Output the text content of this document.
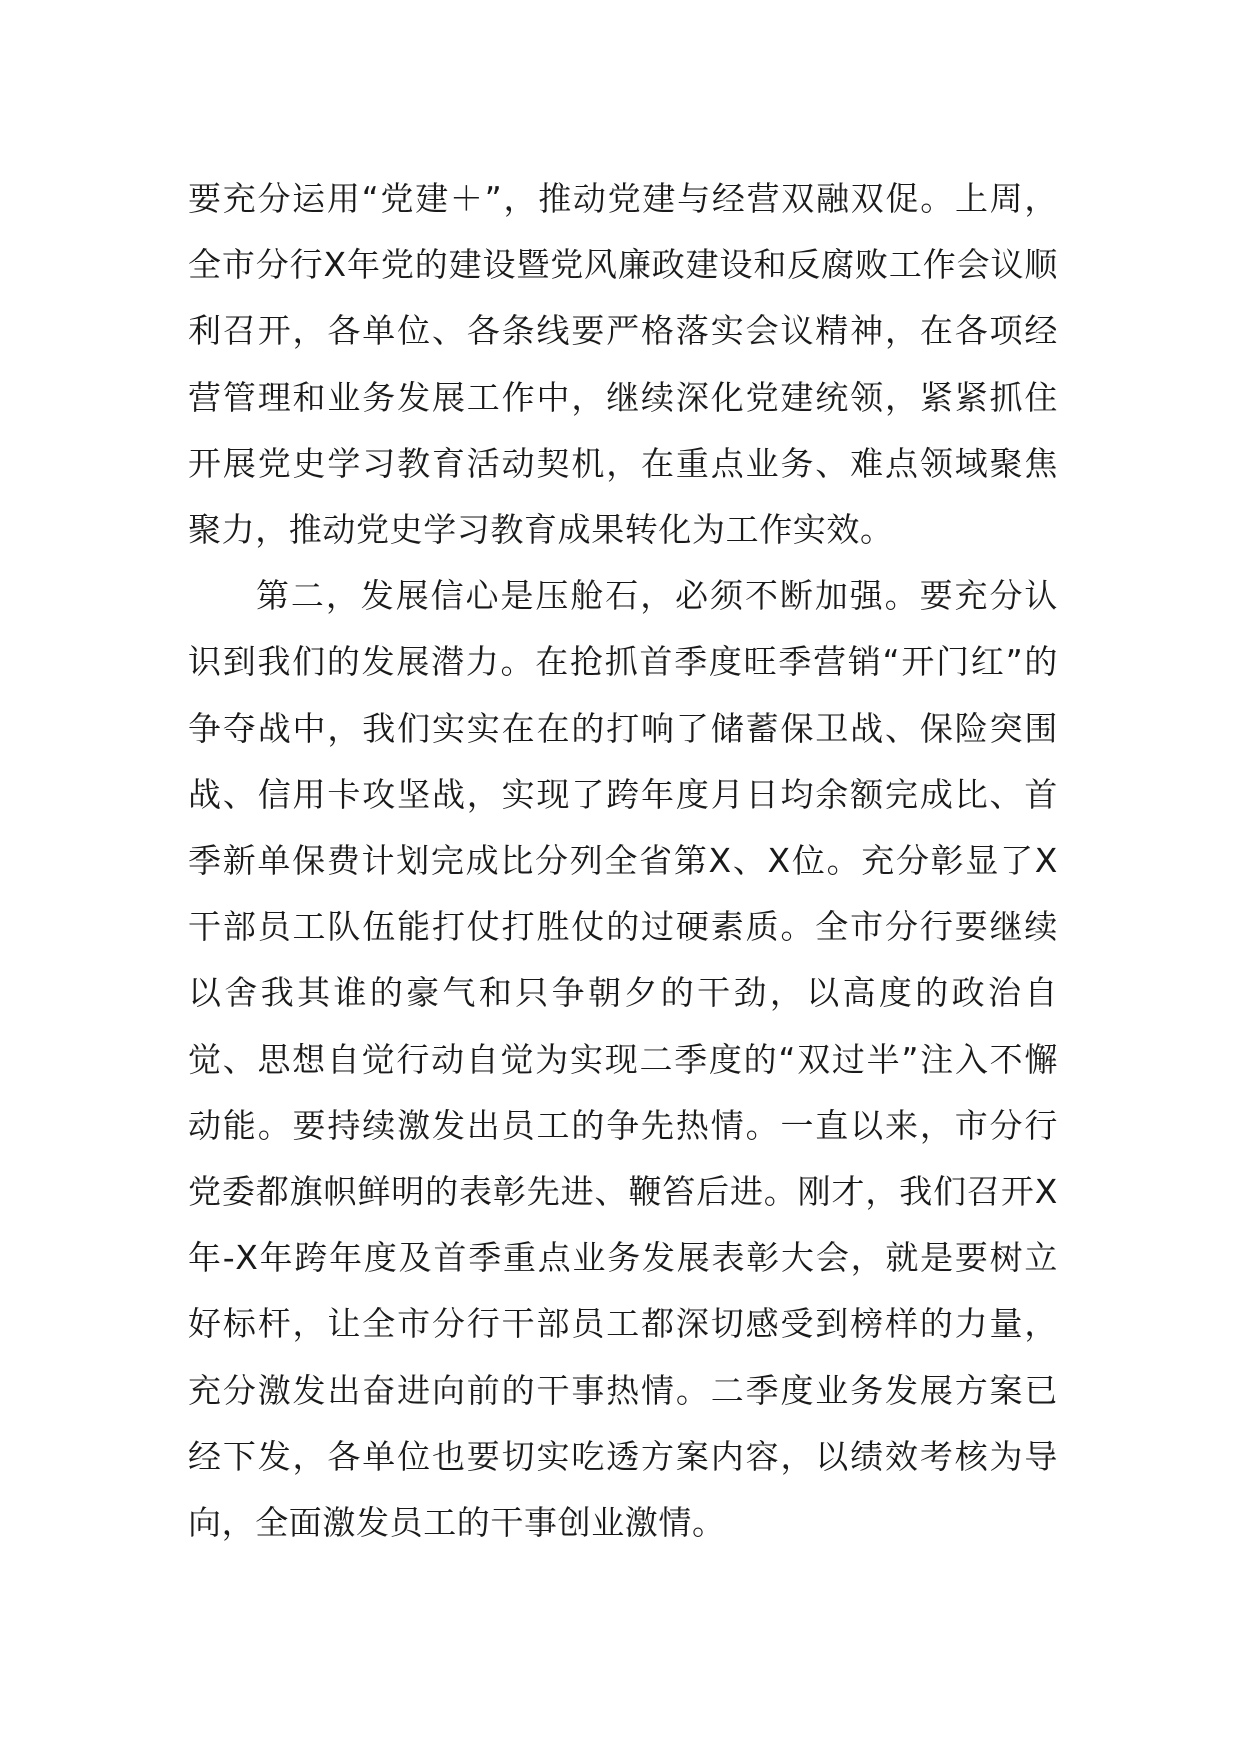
要充分运用“党建＋”，推动党建与经营双融双促。上周，全市分行X年党的建设暨党风廉政建设和反腐败工作会议顺利召开，各单位、各条线要严格落实会议精神，在各项经营管理和业务发展工作中，继续深化党建统领，紧紧抓住开展党史学习教育活动契机，在重点业务、难点领域聚焦聚力，推动党史学习教育成果转化为工作实效。

第二，发展信心是压舱石，必须不断加强。要充分认识到我们的发展潜力。在抢抓首季度旺季营销“开门红”的争夺战中，我们实实在在的打响了储蓄保卫战、保险突围战、信用卡攻坚战，实现了跨年度月日均余额完成比、首季新单保费计划完成比分列全省第X、X位。充分彰显了X干部员工队伍能打仗打胜仗的过硬素质。全市分行要继续以舍我其谁的豪气和只争朝夕的干劲，以高度的政治自觉、思想自觉行动自觉为实现二季度的“双过半”注入不懈动能。要持续激发出员工的争先热情。一直以来，市分行党委都旗帜鲜明的表彰先进、鞭笞后进。刚才，我们召开X年-X年跨年度及首季重点业务发展表彰大会，就是要树立好标杆，让全市分行干部员工都深切感受到榜样的力量，充分激发出奋进向前的干事热情。二季度业务发展方案已经下发，各单位也要切实吃透方案内容，以绩效考核为导向，全面激发员工的干事创业激情。
